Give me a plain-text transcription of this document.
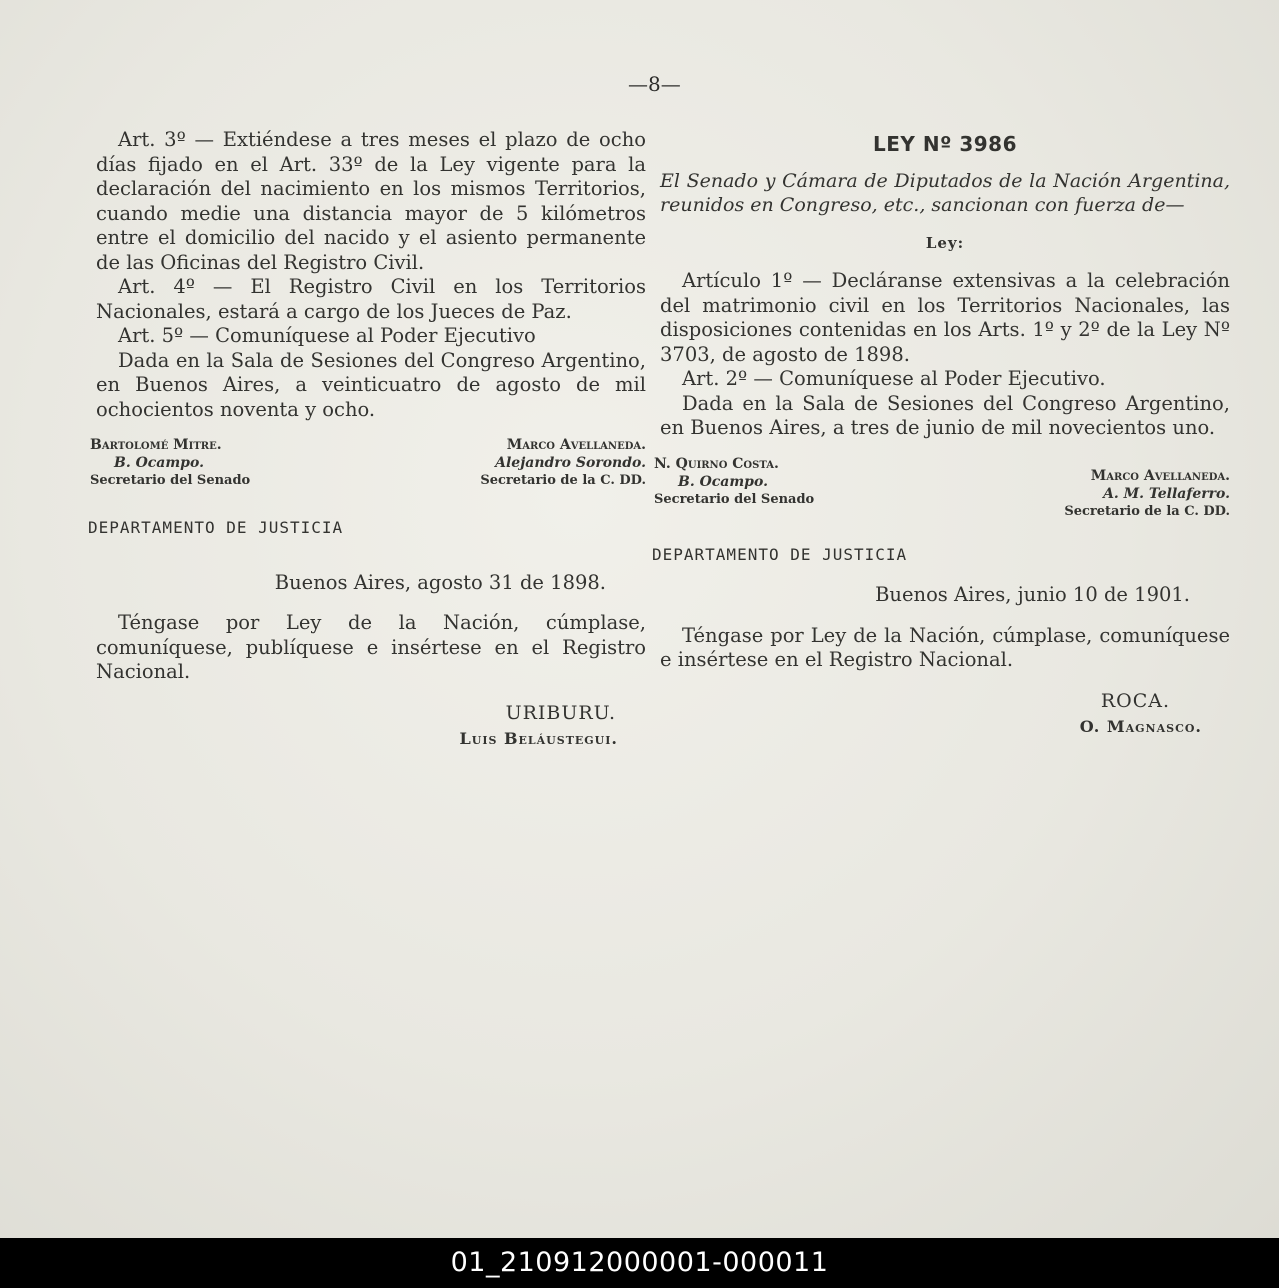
—8—

Art. 3º — Extiéndese a tres meses el plazo de ocho días fijado en el Art. 33º de la Ley vigente para la declaración del nacimiento en los mismos Territorios, cuando medie una distancia mayor de 5 kilómetros entre el domicilio del nacido y el asiento permanente de las Oficinas del Registro Civil.

Art. 4º — El Registro Civil en los Territorios Nacionales, estará a cargo de los Jueces de Paz.

Art. 5º — Comuníquese al Poder Ejecutivo

Dada en la Sala de Sesiones del Congreso Argentino, en Buenos Aires, a veinticuatro de agosto de mil ochocientos noventa y ocho.

Bartolomé Mitre.
B. Ocampo.
Secretario del Senado
Marco Avellaneda.
Alejandro Sorondo.
Secretario de la C. DD.
DEPARTAMENTO DE JUSTICIA
Buenos Aires, agosto 31 de 1898.

Téngase por Ley de la Nación, cúmplase, comuníquese, publíquese e insértese en el Registro Nacional.

URIBURU.
Luis Beláustegui.
LEY Nº 3986

El Senado y Cámara de Diputados de la Nación Argentina, reunidos en Congreso, etc., sancionan con fuerza de—

Ley:

Artículo 1º — Decláranse extensivas a la celebración del matrimonio civil en los Territorios Nacionales, las disposiciones contenidas en los Arts. 1º y 2º de la Ley Nº 3703, de agosto de 1898.

Art. 2º — Comuníquese al Poder Ejecutivo.

Dada en la Sala de Sesiones del Congreso Argentino, en Buenos Aires, a tres de junio de mil novecientos uno.

N. Quirno Costa.
B. Ocampo.
Secretario del Senado
Marco Avellaneda.
A. M. Tellaferro.
Secretario de la C. DD.
DEPARTAMENTO DE JUSTICIA
Buenos Aires, junio 10 de 1901.

Téngase por Ley de la Nación, cúmplase, comuníquese e insértese en el Registro Nacional.

ROCA.
O. Magnasco.
01_210912000001-000011
